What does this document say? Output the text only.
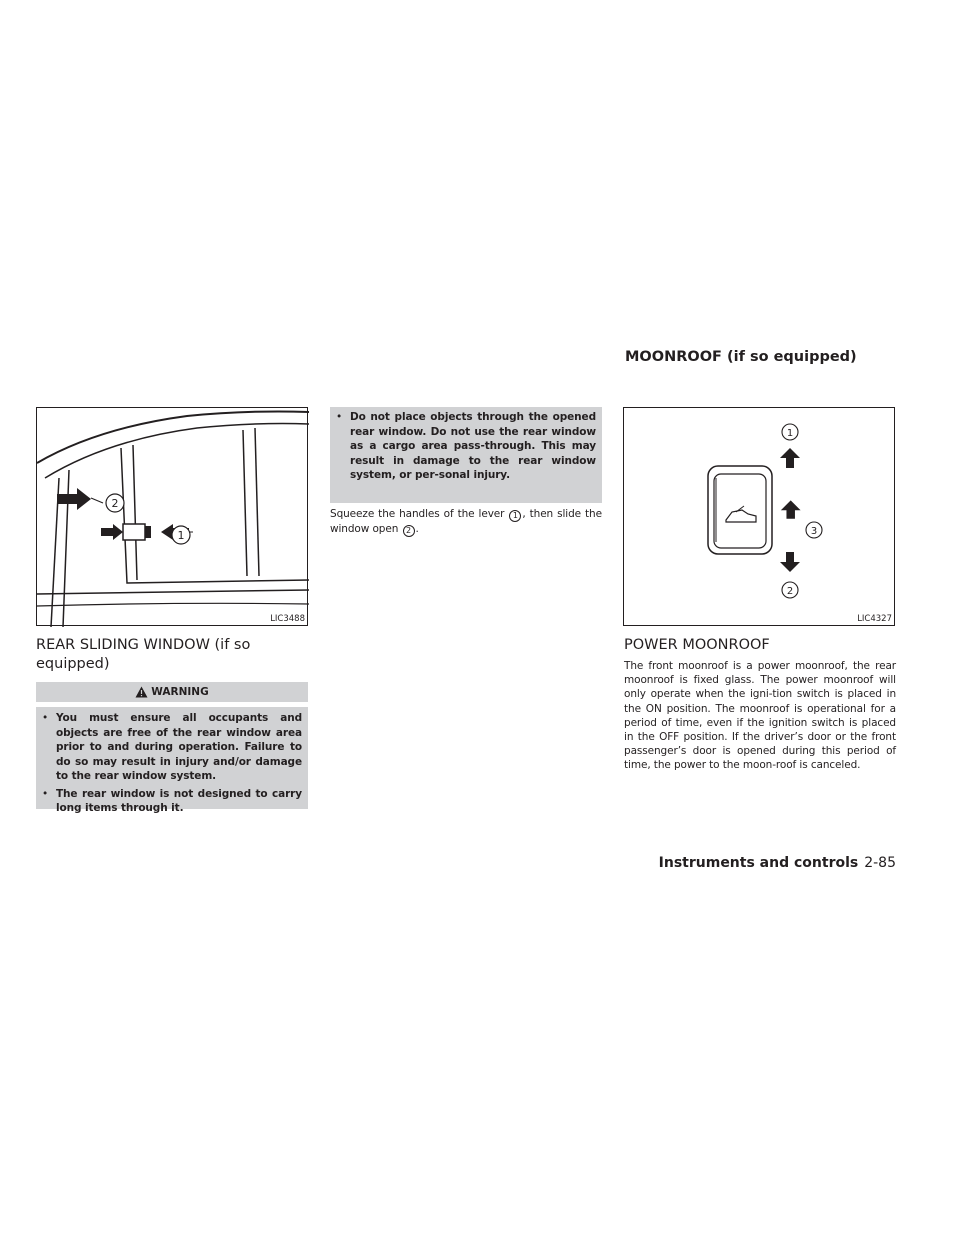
MOONROOF (if so equipped)
2
1
LIC3488
REAR SLIDING WINDOW (if so equipped)
WARNING
• You must ensure all occupants and objects are free of the rear window area prior to and during operation. Failure to do so may result in injury and/or damage to the rear window system.
• The rear window is not designed to carry long items through it.
• Do not place objects through the opened rear window. Do not use the rear window as a cargo area pass-through. This may result in damage to the rear window system, or per-sonal injury.
Squeeze the handles of the lever 1 , then slide the window open 2 .
1
2
3
LIC4327
POWER MOONROOF
The front moonroof is a power moonroof, the rear moonroof is fixed glass. The power moonroof will only operate when the igni-tion switch is placed in the ON position. The moonroof is operational for a period of time, even if the ignition switch is placed in the OFF position. If the driver’s door or the front passenger’s door is opened during this period of time, the power to the moon-roof is canceled.
Instruments and controls 2-85
